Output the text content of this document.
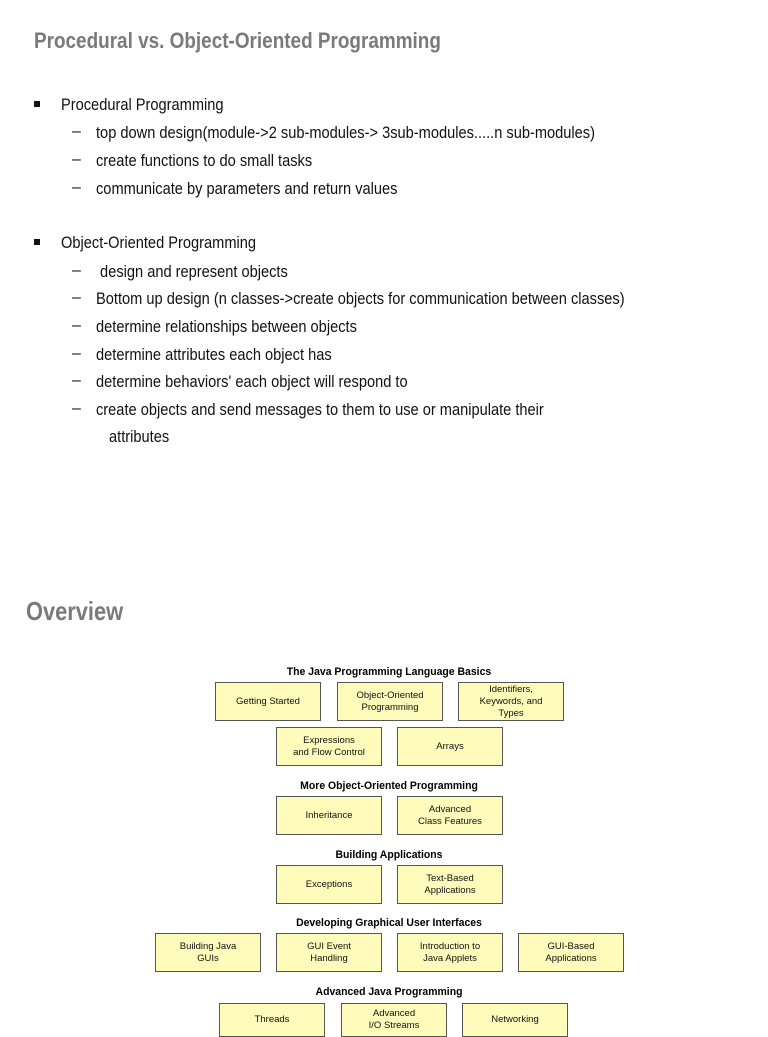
Procedural vs. Object-Oriented Programming
Procedural Programming
– top down design(module->2 sub-modules-> 3sub-modules.....n sub-modules)
– create functions to do small tasks
– communicate by parameters and return values
Object-Oriented Programming
– design and represent objects
– Bottom up design (n classes->create objects for communication between classes)
– determine relationships between objects
– determine attributes each object has
– determine behaviors' each object will respond to
– create objects and send messages to them to use or manipulate their
attributes
Overview
The Java Programming Language Basics
Getting Started
Object-Oriented
Programming
Identifiers,
Keywords, and
Types
Expressions
and Flow Control
Arrays
More Object-Oriented Programming
Inheritance
Advanced
Class Features
Building Applications
Exceptions
Text-Based
Applications
Developing Graphical User Interfaces
Building Java
GUIs
GUI Event
Handling
Introduction to
Java Applets
GUI-Based
Applications
Advanced Java Programming
Threads
Advanced
I/O Streams
Networking
